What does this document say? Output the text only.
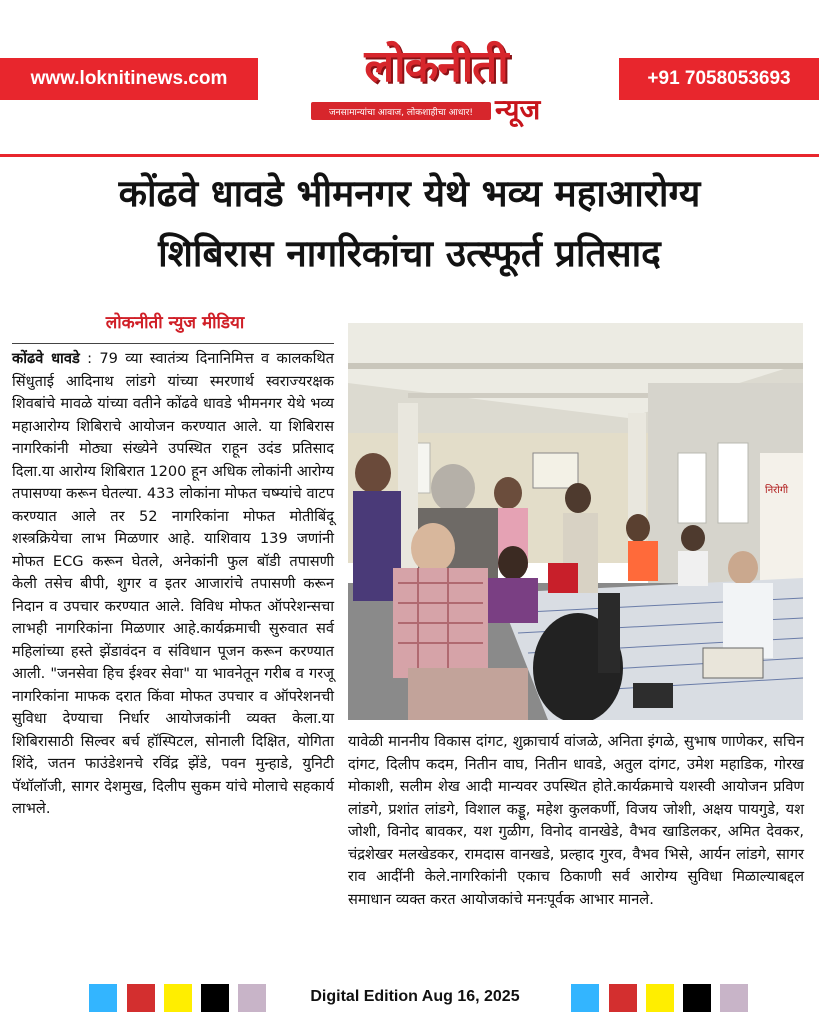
www.loknitinews.com	लोकनीती
जनसामान्यांचा आवाज, लोकशाहीचा आधार! न्यूज
+91 7058053693
कोंढवे धावडे भीमनगर येथे भव्य महाआरोग्य
शिबिरास नागरिकांचा उत्स्फूर्त प्रतिसाद
लोकनीती न्युज मीडिया
कोंढवे धावडे : 79 व्या स्वातंत्र्य दिनानिमित्त व कालकथित सिंधुताई आदिनाथ लांडगे यांच्या स्मरणार्थ स्वराज्यरक्षक शिवबांचे मावळे यांच्या वतीने कोंढवे धावडे भीमनगर येथे भव्य महाआरोग्य शिबिराचे आयोजन करण्यात आले. या शिबिरास नागरिकांनी मोठ्या संख्येने उपस्थित राहून उदंड प्रतिसाद दिला.या आरोग्य शिबिरात 1200 हून अधिक लोकांनी आरोग्य तपासण्या करून घेतल्या. 433 लोकांना मोफत चष्म्यांचे वाटप करण्यात आले तर 52 नागरिकांना मोफत मोतीबिंदू शस्त्रक्रियेचा लाभ मिळणार आहे. याशिवाय 139 जणांनी मोफत ECG करून घेतले, अनेकांनी फुल बॉडी तपासणी केली तसेच बीपी, शुगर व इतर आजारांचे तपासणी करून निदान व उपचार करण्यात आले. विविध मोफत ऑपरेशन्सचा लाभही नागरिकांना मिळणार आहे.कार्यक्रमाची सुरुवात सर्व महिलांच्या हस्ते झेंडावंदन व संविधान पूजन करून करण्यात आली. "जनसेवा हिच ईश्वर सेवा" या भावनेतून गरीब व गरजू नागरिकांना माफक दरात किंवा मोफत उपचार व ऑपरेशनची सुविधा देण्याचा निर्धार आयोजकांनी व्यक्त केला.या शिबिरासाठी सिल्वर बर्च हॉस्पिटल, सोनाली दिक्षित, योगिता शिंदे, जतन फाउंडेशनचे रविंद्र झेंडे, पवन मुन्हाडे, युनिटी पॅथॉलॉजी, सागर देशमुख, दिलीप सुकम यांचे मोलाचे सहकार्य लाभले.
निरोगी
यावेळी माननीय विकास दांगट, शुक्राचार्य वांजळे, अनिता इंगळे, सुभाष णाणेकर, सचिन दांगट, दिलीप कदम, नितीन वाघ, नितीन धावडे, अतुल दांगट, उमेश महाडिक, गोरख मोकाशी, सलीम शेख आदी मान्यवर उपस्थित होते.कार्यक्रमाचे यशस्वी आयोजन प्रविण लांडगे, प्रशांत लांडगे, विशाल कड्डू, महेश कुलकर्णी, विजय जोशी, अक्षय पायगुडे, यश जोशी, विनोद बावकर, यश गुळीग, विनोद वानखेडे, वैभव खाडिलकर, अमित देवकर, चंद्रशेखर मलखेडकर, रामदास वानखडे, प्रल्हाद गुरव, वैभव भिसे, आर्यन लांडगे, सागर राव आदींनी केले.नागरिकांनी एकाच ठिकाणी सर्व आरोग्य सुविधा मिळाल्याबद्दल समाधान व्यक्त करत आयोजकांचे मनःपूर्वक आभार मानले.
Digital Edition Aug 16, 2025
